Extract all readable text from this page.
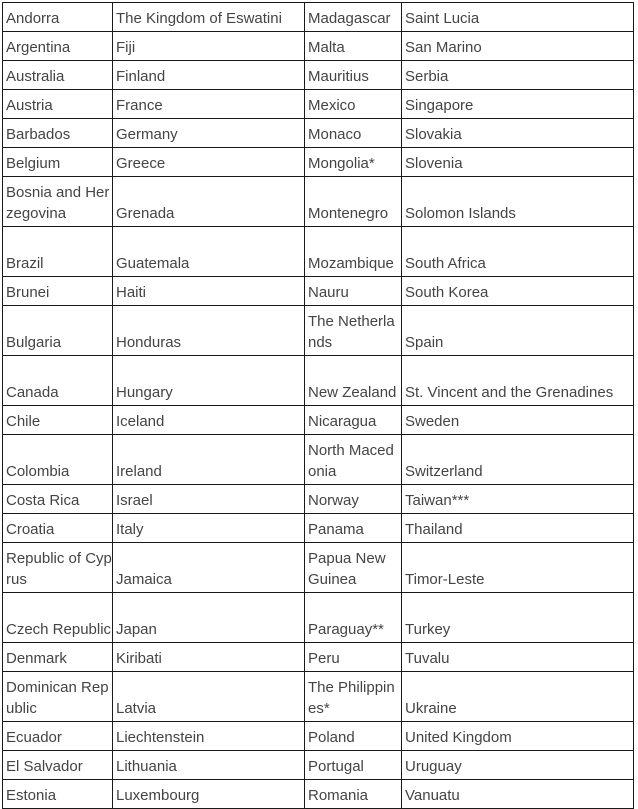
Andorra	The Kingdom of Eswatini	Madagascar	Saint Lucia
Argentina	Fiji	Malta	San Marino
Australia	Finland	Mauritius	Serbia
Austria	France	Mexico	Singapore
Barbados	Germany	Monaco	Slovakia
Belgium	Greece	Mongolia*	Slovenia
Bosnia and Herzegovina	Grenada	Montenegro	Solomon Islands
Brazil	Guatemala	Mozambique	South Africa
Brunei	Haiti	Nauru	South Korea
Bulgaria	Honduras	The Netherlands	Spain
Canada	Hungary	New Zealand	St. Vincent and the Grenadines
Chile	Iceland	Nicaragua	Sweden
Colombia	Ireland	North Macedonia	Switzerland
Costa Rica	Israel	Norway	Taiwan***
Croatia	Italy	Panama	Thailand
Republic of Cyprus	Jamaica	Papua New Guinea	Timor-Leste
Czech Republic	Japan	Paraguay**	Turkey
Denmark	Kiribati	Peru	Tuvalu
Dominican Republic	Latvia	The Philippines*	Ukraine
Ecuador	Liechtenstein	Poland	United Kingdom
El Salvador	Lithuania	Portugal	Uruguay
Estonia	Luxembourg	Romania	Vanuatu
